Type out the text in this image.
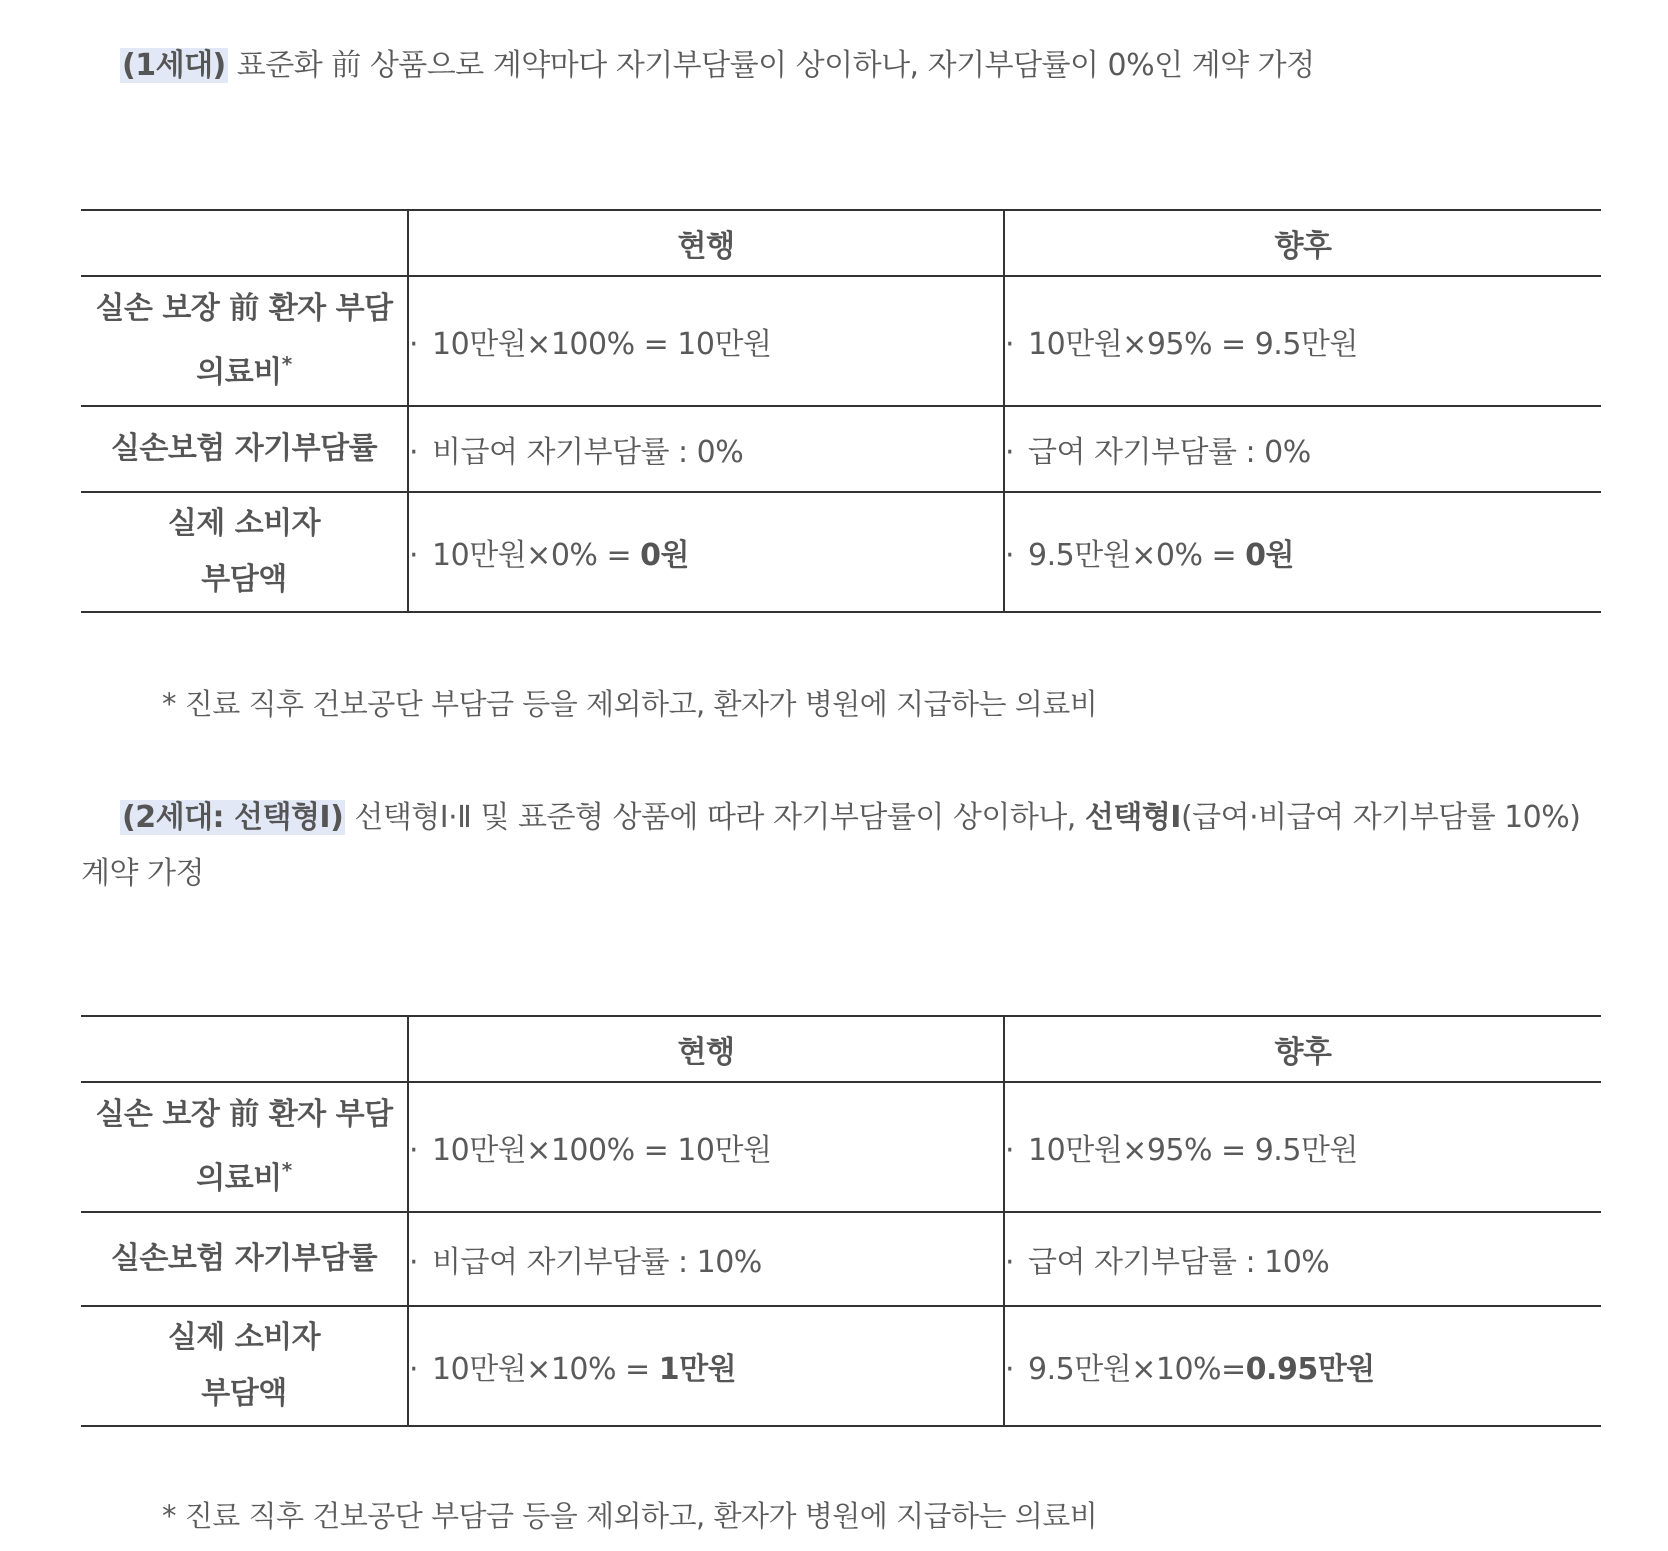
(1세대) 표준화 前 상품으로 계약마다 자기부담률이 상이하나, 자기부담률이 0%인 계약 가정
	현행	향후
실손 보장 前 환자 부담
의료비*	· 10만원×100% = 10만원	· 10만원×95% = 9.5만원
실손보험 자기부담률	· 비급여 자기부담률 : 0%	· 급여 자기부담률 : 0%
실제 소비자
부담액	· 10만원×0% = 0원	· 9.5만원×0% = 0원
* 진료 직후 건보공단 부담금 등을 제외하고, 환자가 병원에 지급하는 의료비
(2세대: 선택형Ⅰ) 선택형Ⅰ·Ⅱ 및 표준형 상품에 따라 자기부담률이 상이하나, 선택형Ⅰ(급여·비급여 자기부담률 10%) 계약 가정
	현행	향후
실손 보장 前 환자 부담
의료비*	· 10만원×100% = 10만원	· 10만원×95% = 9.5만원
실손보험 자기부담률	· 비급여 자기부담률 : 10%	· 급여 자기부담률 : 10%
실제 소비자
부담액	· 10만원×10% = 1만원	· 9.5만원×10%=0.95만원
* 진료 직후 건보공단 부담금 등을 제외하고, 환자가 병원에 지급하는 의료비
